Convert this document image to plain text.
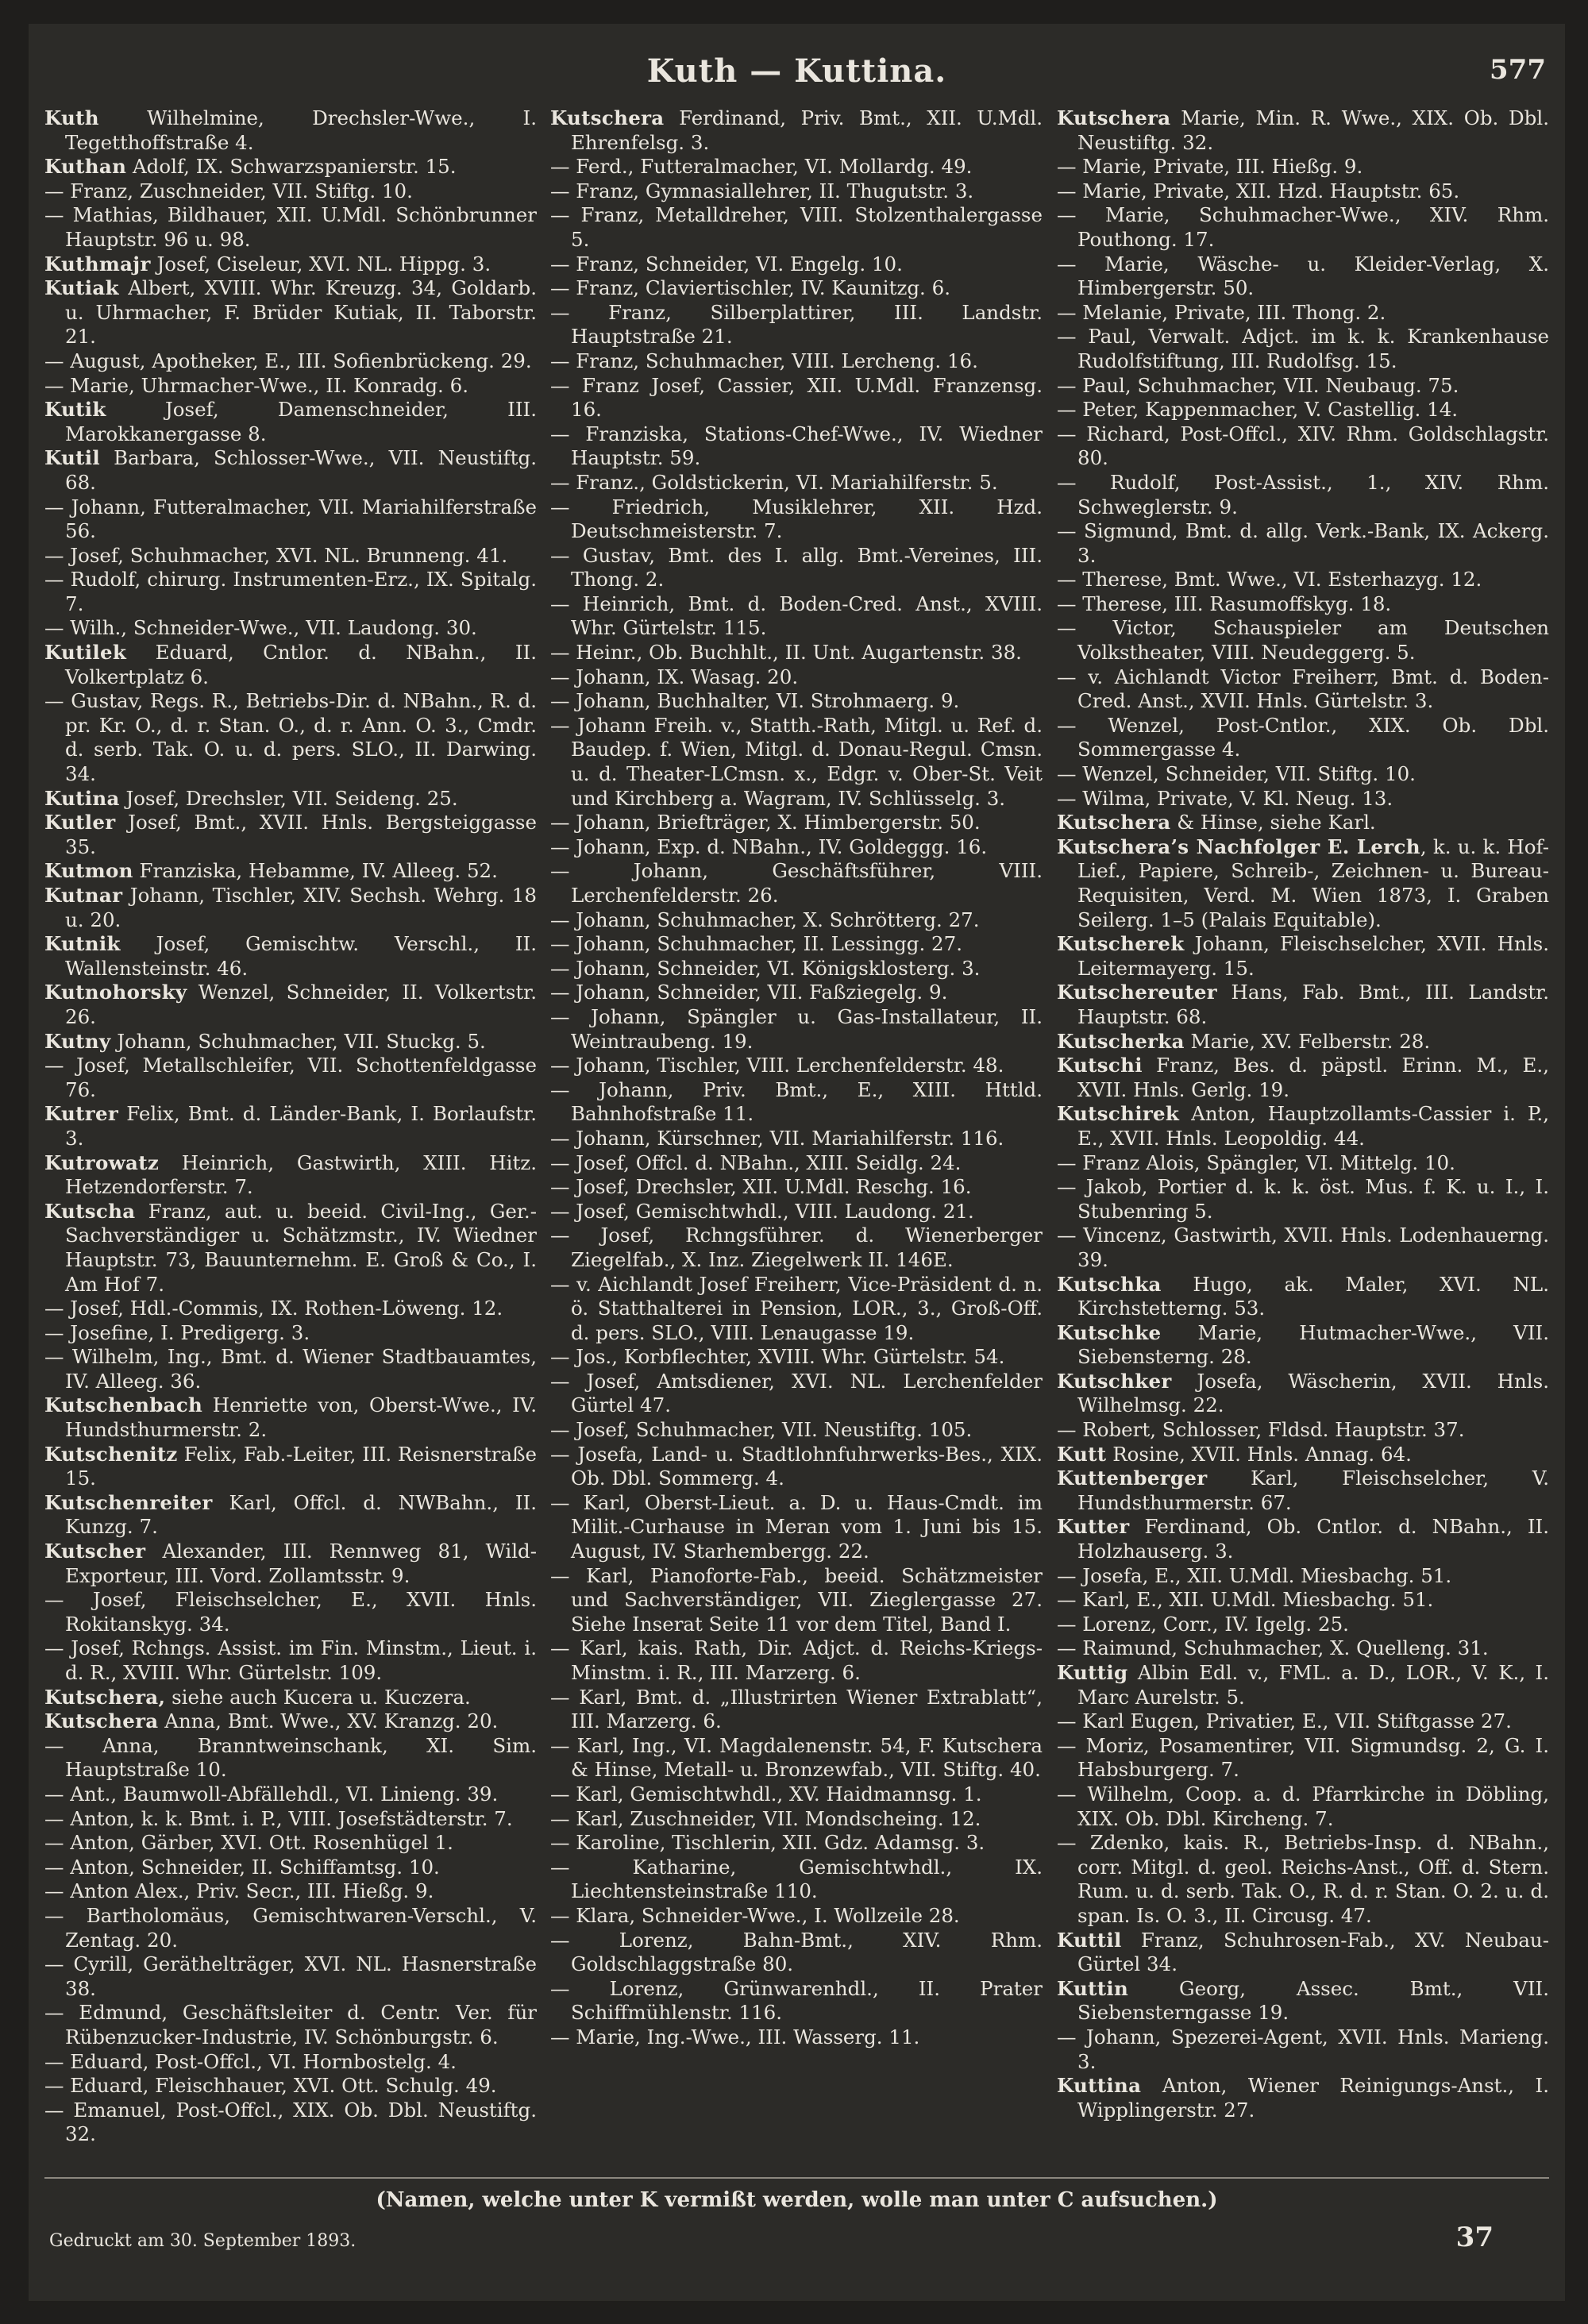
Kuth — Kuttina.	577
Kuth Wilhelmine, Drechsler-Wwe., I. Tegetthoffstraße 4.
Kuthan Adolf, IX. Schwarzspanierstr. 15.
— Franz, Zuschneider, VII. Stiftg. 10.
— Mathias, Bildhauer, XII. U.Mdl. Schönbrunner Hauptstr. 96 u. 98.
Kuthmajr Josef, Ciseleur, XVI. NL. Hippg. 3.
Kutiak Albert, XVIII. Whr. Kreuzg. 34, Goldarb. u. Uhrmacher, F. Brüder Kutiak, II. Taborstr. 21.
— August, Apotheker, E., III. Sofienbrückeng. 29.
— Marie, Uhrmacher-Wwe., II. Konradg. 6.
Kutik Josef, Damenschneider, III. Marokkanergasse 8.
Kutil Barbara, Schlosser-Wwe., VII. Neustiftg. 68.
— Johann, Futteralmacher, VII. Mariahilferstraße 56.
— Josef, Schuhmacher, XVI. NL. Brunneng. 41.
— Rudolf, chirurg. Instrumenten-Erz., IX. Spitalg. 7.
— Wilh., Schneider-Wwe., VII. Laudong. 30.
Kutilek Eduard, Cntlor. d. NBahn., II. Volkertplatz 6.
— Gustav, Regs. R., Betriebs-Dir. d. NBahn., R. d. pr. Kr. O., d. r. Stan. O., d. r. Ann. O. 3., Cmdr. d. serb. Tak. O. u. d. pers. SLO., II. Darwing. 34.
Kutina Josef, Drechsler, VII. Seideng. 25.
Kutler Josef, Bmt., XVII. Hnls. Bergsteiggasse 35.
Kutmon Franziska, Hebamme, IV. Alleeg. 52.
Kutnar Johann, Tischler, XIV. Sechsh. Wehrg. 18 u. 20.
Kutnik Josef, Gemischtw. Verschl., II. Wallensteinstr. 46.
Kutnohorsky Wenzel, Schneider, II. Volkertstr. 26.
Kutny Johann, Schuhmacher, VII. Stuckg. 5.
— Josef, Metallschleifer, VII. Schottenfeldgasse 76.
Kutrer Felix, Bmt. d. Länder-Bank, I. Borlaufstr. 3.
Kutrowatz Heinrich, Gastwirth, XIII. Hitz. Hetzendorferstr. 7.
Kutscha Franz, aut. u. beeid. Civil-Ing., Ger.-Sachverständiger u. Schätzmstr., IV. Wiedner Hauptstr. 73, Bauunternehm. E. Groß & Co., I. Am Hof 7.
— Josef, Hdl.-Commis, IX. Rothen-Löweng. 12.
— Josefine, I. Predigerg. 3.
— Wilhelm, Ing., Bmt. d. Wiener Stadtbauamtes, IV. Alleeg. 36.
Kutschenbach Henriette von, Oberst-Wwe., IV. Hundsthurmerstr. 2.
Kutschenitz Felix, Fab.-Leiter, III. Reisnerstraße 15.
Kutschenreiter Karl, Offcl. d. NWBahn., II. Kunzg. 7.
Kutscher Alexander, III. Rennweg 81, Wild-Exporteur, III. Vord. Zollamtsstr. 9.
— Josef, Fleischselcher, E., XVII. Hnls. Rokitanskyg. 34.
— Josef, Rchngs. Assist. im Fin. Minstm., Lieut. i. d. R., XVIII. Whr. Gürtelstr. 109.
Kutschera, siehe auch Kucera u. Kuczera.
Kutschera Anna, Bmt. Wwe., XV. Kranzg. 20.
— Anna, Branntweinschank, XI. Sim. Hauptstraße 10.
— Ant., Baumwoll-Abfällehdl., VI. Linieng. 39.
— Anton, k. k. Bmt. i. P., VIII. Josefstädterstr. 7.
— Anton, Gärber, XVI. Ott. Rosenhügel 1.
— Anton, Schneider, II. Schiffamtsg. 10.
— Anton Alex., Priv. Secr., III. Hießg. 9.
— Bartholomäus, Gemischtwaren-Verschl., V. Zentag. 20.
— Cyrill, Geräthelträger, XVI. NL. Hasnerstraße 38.
— Edmund, Geschäftsleiter d. Centr. Ver. für Rübenzucker-Industrie, IV. Schönburgstr. 6.
— Eduard, Post-Offcl., VI. Hornbostelg. 4.
— Eduard, Fleischhauer, XVI. Ott. Schulg. 49.
— Emanuel, Post-Offcl., XIX. Ob. Dbl. Neustiftg. 32.
Kutschera Ferdinand, Priv. Bmt., XII. U.Mdl. Ehrenfelsg. 3.
— Ferd., Futteralmacher, VI. Mollardg. 49.
— Franz, Gymnasiallehrer, II. Thugutstr. 3.
— Franz, Metalldreher, VIII. Stolzenthalergasse 5.
— Franz, Schneider, VI. Engelg. 10.
— Franz, Claviertischler, IV. Kaunitzg. 6.
— Franz, Silberplattirer, III. Landstr. Hauptstraße 21.
— Franz, Schuhmacher, VIII. Lercheng. 16.
— Franz Josef, Cassier, XII. U.Mdl. Franzensg. 16.
— Franziska, Stations-Chef-Wwe., IV. Wiedner Hauptstr. 59.
— Franz., Goldstickerin, VI. Mariahilferstr. 5.
— Friedrich, Musiklehrer, XII. Hzd. Deutschmeisterstr. 7.
— Gustav, Bmt. des I. allg. Bmt.-Vereines, III. Thong. 2.
— Heinrich, Bmt. d. Boden-Cred. Anst., XVIII. Whr. Gürtelstr. 115.
— Heinr., Ob. Buchhlt., II. Unt. Augartenstr. 38.
— Johann, IX. Wasag. 20.
— Johann, Buchhalter, VI. Strohmaerg. 9.
— Johann Freih. v., Statth.-Rath, Mitgl. u. Ref. d. Baudep. f. Wien, Mitgl. d. Donau-Regul. Cmsn. u. d. Theater-LCmsn. x., Edgr. v. Ober-St. Veit und Kirchberg a. Wagram, IV. Schlüsselg. 3.
— Johann, Briefträger, X. Himbergerstr. 50.
— Johann, Exp. d. NBahn., IV. Goldeggg. 16.
— Johann, Geschäftsführer, VIII. Lerchenfelderstr. 26.
— Johann, Schuhmacher, X. Schrötterg. 27.
— Johann, Schuhmacher, II. Lessingg. 27.
— Johann, Schneider, VI. Königsklosterg. 3.
— Johann, Schneider, VII. Faßziegelg. 9.
— Johann, Spängler u. Gas-Installateur, II. Weintraubeng. 19.
— Johann, Tischler, VIII. Lerchenfelderstr. 48.
— Johann, Priv. Bmt., E., XIII. Httld. Bahnhofstraße 11.
— Johann, Kürschner, VII. Mariahilferstr. 116.
— Josef, Offcl. d. NBahn., XIII. Seidlg. 24.
— Josef, Drechsler, XII. U.Mdl. Reschg. 16.
— Josef, Gemischtwhdl., VIII. Laudong. 21.
— Josef, Rchngsführer. d. Wienerberger Ziegelfab., X. Inz. Ziegelwerk II. 146E.
— v. Aichlandt Josef Freiherr, Vice-Präsident d. n. ö. Statthalterei in Pension, LOR., 3., Groß-Off. d. pers. SLO., VIII. Lenaugasse 19.
— Jos., Korbflechter, XVIII. Whr. Gürtelstr. 54.
— Josef, Amtsdiener, XVI. NL. Lerchenfelder Gürtel 47.
— Josef, Schuhmacher, VII. Neustiftg. 105.
— Josefa, Land- u. Stadtlohnfuhrwerks-Bes., XIX. Ob. Dbl. Sommerg. 4.
— Karl, Oberst-Lieut. a. D. u. Haus-Cmdt. im Milit.-Curhause in Meran vom 1. Juni bis 15. August, IV. Starhembergg. 22.
— Karl, Pianoforte-Fab., beeid. Schätzmeister und Sachverständiger, VII. Zieglergasse 27. Siehe Inserat Seite 11 vor dem Titel, Band I.
— Karl, kais. Rath, Dir. Adjct. d. Reichs-Kriegs-Minstm. i. R., III. Marzerg. 6.
— Karl, Bmt. d. „Illustrirten Wiener Extrablatt“, III. Marzerg. 6.
— Karl, Ing., VI. Magdalenenstr. 54, F. Kutschera & Hinse, Metall- u. Bronzewfab., VII. Stiftg. 40.
— Karl, Gemischtwhdl., XV. Haidmannsg. 1.
— Karl, Zuschneider, VII. Mondscheing. 12.
— Karoline, Tischlerin, XII. Gdz. Adamsg. 3.
— Katharine, Gemischtwhdl., IX. Liechtensteinstraße 110.
— Klara, Schneider-Wwe., I. Wollzeile 28.
— Lorenz, Bahn-Bmt., XIV. Rhm. Goldschlaggstraße 80.
— Lorenz, Grünwarenhdl., II. Prater Schiffmühlenstr. 116.
— Marie, Ing.-Wwe., III. Wasserg. 11.
Kutschera Marie, Min. R. Wwe., XIX. Ob. Dbl. Neustiftg. 32.
— Marie, Private, III. Hießg. 9.
— Marie, Private, XII. Hzd. Hauptstr. 65.
— Marie, Schuhmacher-Wwe., XIV. Rhm. Pouthong. 17.
— Marie, Wäsche- u. Kleider-Verlag, X. Himbergerstr. 50.
— Melanie, Private, III. Thong. 2.
— Paul, Verwalt. Adjct. im k. k. Krankenhause Rudolfstiftung, III. Rudolfsg. 15.
— Paul, Schuhmacher, VII. Neubaug. 75.
— Peter, Kappenmacher, V. Castellig. 14.
— Richard, Post-Offcl., XIV. Rhm. Goldschlagstr. 80.
— Rudolf, Post-Assist., 1., XIV. Rhm. Schweglerstr. 9.
— Sigmund, Bmt. d. allg. Verk.-Bank, IX. Ackerg. 3.
— Therese, Bmt. Wwe., VI. Esterhazyg. 12.
— Therese, III. Rasumoffskyg. 18.
— Victor, Schauspieler am Deutschen Volkstheater, VIII. Neudeggerg. 5.
— v. Aichlandt Victor Freiherr, Bmt. d. Boden-Cred. Anst., XVII. Hnls. Gürtelstr. 3.
— Wenzel, Post-Cntlor., XIX. Ob. Dbl. Sommergasse 4.
— Wenzel, Schneider, VII. Stiftg. 10.
— Wilma, Private, V. Kl. Neug. 13.
Kutschera & Hinse, siehe Karl.
Kutschera’s Nachfolger E. Lerch, k. u. k. Hof-Lief., Papiere, Schreib-, Zeichnen- u. Bureau-Requisiten, Verd. M. Wien 1873, I. Graben Seilerg. 1–5 (Palais Equitable).
Kutscherek Johann, Fleischselcher, XVII. Hnls. Leitermayerg. 15.
Kutschereuter Hans, Fab. Bmt., III. Landstr. Hauptstr. 68.
Kutscherka Marie, XV. Felberstr. 28.
Kutschi Franz, Bes. d. päpstl. Erinn. M., E., XVII. Hnls. Gerlg. 19.
Kutschirek Anton, Hauptzollamts-Cassier i. P., E., XVII. Hnls. Leopoldig. 44.
— Franz Alois, Spängler, VI. Mittelg. 10.
— Jakob, Portier d. k. k. öst. Mus. f. K. u. I., I. Stubenring 5.
— Vincenz, Gastwirth, XVII. Hnls. Lodenhauerng. 39.
Kutschka Hugo, ak. Maler, XVI. NL. Kirchstetterng. 53.
Kutschke Marie, Hutmacher-Wwe., VII. Siebensterng. 28.
Kutschker Josefa, Wäscherin, XVII. Hnls. Wilhelmsg. 22.
— Robert, Schlosser, Fldsd. Hauptstr. 37.
Kutt Rosine, XVII. Hnls. Annag. 64.
Kuttenberger Karl, Fleischselcher, V. Hundsthurmerstr. 67.
Kutter Ferdinand, Ob. Cntlor. d. NBahn., II. Holzhauserg. 3.
— Josefa, E., XII. U.Mdl. Miesbachg. 51.
— Karl, E., XII. U.Mdl. Miesbachg. 51.
— Lorenz, Corr., IV. Igelg. 25.
— Raimund, Schuhmacher, X. Quelleng. 31.
Kuttig Albin Edl. v., FML. a. D., LOR., V. K., I. Marc Aurelstr. 5.
— Karl Eugen, Privatier, E., VII. Stiftgasse 27.
— Moriz, Posamentirer, VII. Sigmundsg. 2, G. I. Habsburgerg. 7.
— Wilhelm, Coop. a. d. Pfarrkirche in Döbling, XIX. Ob. Dbl. Kircheng. 7.
— Zdenko, kais. R., Betriebs-Insp. d. NBahn., corr. Mitgl. d. geol. Reichs-Anst., Off. d. Stern. Rum. u. d. serb. Tak. O., R. d. r. Stan. O. 2. u. d. span. Is. O. 3., II. Circusg. 47.
Kuttil Franz, Schuhrosen-Fab., XV. Neubau-Gürtel 34.
Kuttin Georg, Assec. Bmt., VII. Siebensterngasse 19.
— Johann, Spezerei-Agent, XVII. Hnls. Marieng. 3.
Kuttina Anton, Wiener Reinigungs-Anst., I. Wipplingerstr. 27.
(Namen, welche unter K vermißt werden, wolle man unter C aufsuchen.)
Gedruckt am 30. September 1893.	37
